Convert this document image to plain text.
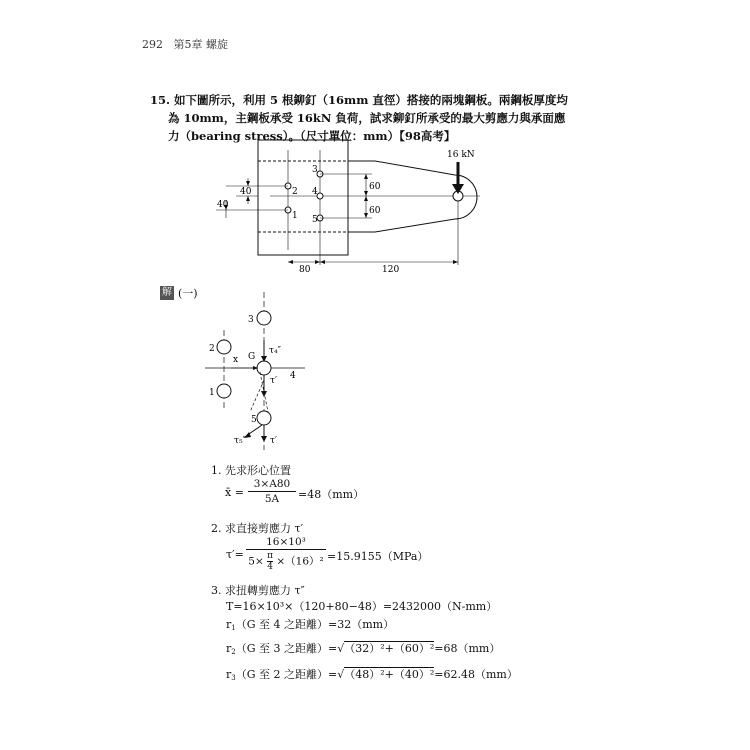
292 第5章 螺旋
15. 如下圖所示，利用 5 根鉚釘（16mm 直徑）搭接的兩塊鋼板。兩鋼板厚度均
為 10mm，主鋼板承受 16kN 負荷，試求鉚釘所承受的最大剪應力與承面應
力（bearing stress）。（尺寸單位：mm）【98高考】
3
4
5
2
1
40
40
60
60
80	120
16 kN
解 (一)
3
2
1
5
4
x G
τ₄″
τ′
τ₅″	τ′
1. 先求形心位置
x̄ =
3×A80
5A	=48（mm）
2. 求直接剪應力 τ′
τ′=
16×10³
$5\times \frac{\pi}{4} \times(16)^2 =15.9155(MPa)$
3. 求扭轉剪應力 τ″
T=16×10³×（120+80−48）=2432000（N-mm）
$r_1(G$ 至 4 之距離）=32（mm）
$r_2(G$ 至 3 之距離）=√（32）²+（60）²=68（mm）
$r_3(G$ 至 2 之距離）=√（48）²+（40）²=62.48（mm）
